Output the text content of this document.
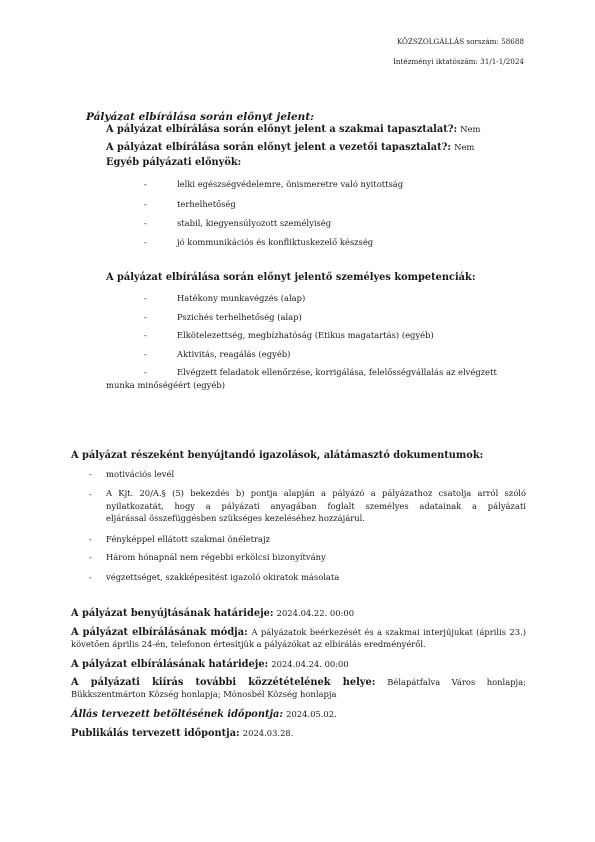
KÖZSZOLGÁLLÁS sorszám: 58688
Intézményi iktatószám: 31/1-1/2024
Pályázat elbírálása során előnyt jelent:
A pályázat elbírálása során előnyt jelent a szakmai tapasztalat?: Nem
A pályázat elbírálása során előnyt jelent a vezetői tapasztalat?: Nem
Egyéb pályázati előnyök:
-	lelki egészségvédelemre, önismeretre való nyitottság
-	terhelhetőség
-	stabil, kiegyensúlyozott személyiség
-	jó kommunikációs és konfliktuskezelő készség
A pályázat elbírálása során előnyt jelentő személyes kompetenciák:
-	Hatékony munkavégzés (alap)
-	Pszichés terhelhetőség (alap)
-	Elkötelezettség, megbízhatóság (Etikus magatartás) (egyéb)
-	Aktivitás, reagálás (egyéb)
-	Elvégzett feladatok ellenőrzése, korrigálása, felelősségvállalás az elvégzett
munka minőségéért (egyéb)
A pályázat részeként benyújtandó igazolások, alátámasztó dokumentumok:
- motivációs levél
- A Kjt. 20/A.§ (5) bekezdés b) pontja alapján a pályázó a pályázathoz csatolja arról szóló
nyilatkozatát, hogy a pályázati anyagában foglalt személyes adatainak a pályázati
eljárással összefüggésben szükséges kezeléséhez hozzájárul.
- Fényképpel ellátott szakmai önéletrajz
- Három hónapnál nem régebbi erkölcsi bizonyítvány
- végzettséget, szakképesítést igazoló okiratok másolata
A pályázat benyújtásának határideje: 2024.04.22. 00:00
A pályázat elbírálásának módja: A pályázatok beérkezését és a szakmai interjújukat (április 23.)
követően április 24-én, telefonon értesítjük a pályázókat az elbírálás eredményéről.
A pályázat elbírálásának határideje: 2024.04.24. 00:00
A pályázati kiírás további közzétételének helye: Bélapátfalva Város honlapja;
Bükkszentmárton Község honlapja; Mónosbél Község honlapja
Állás tervezett betöltésének időpontja: 2024.05.02.
Publikálás tervezett időpontja: 2024.03.28.
